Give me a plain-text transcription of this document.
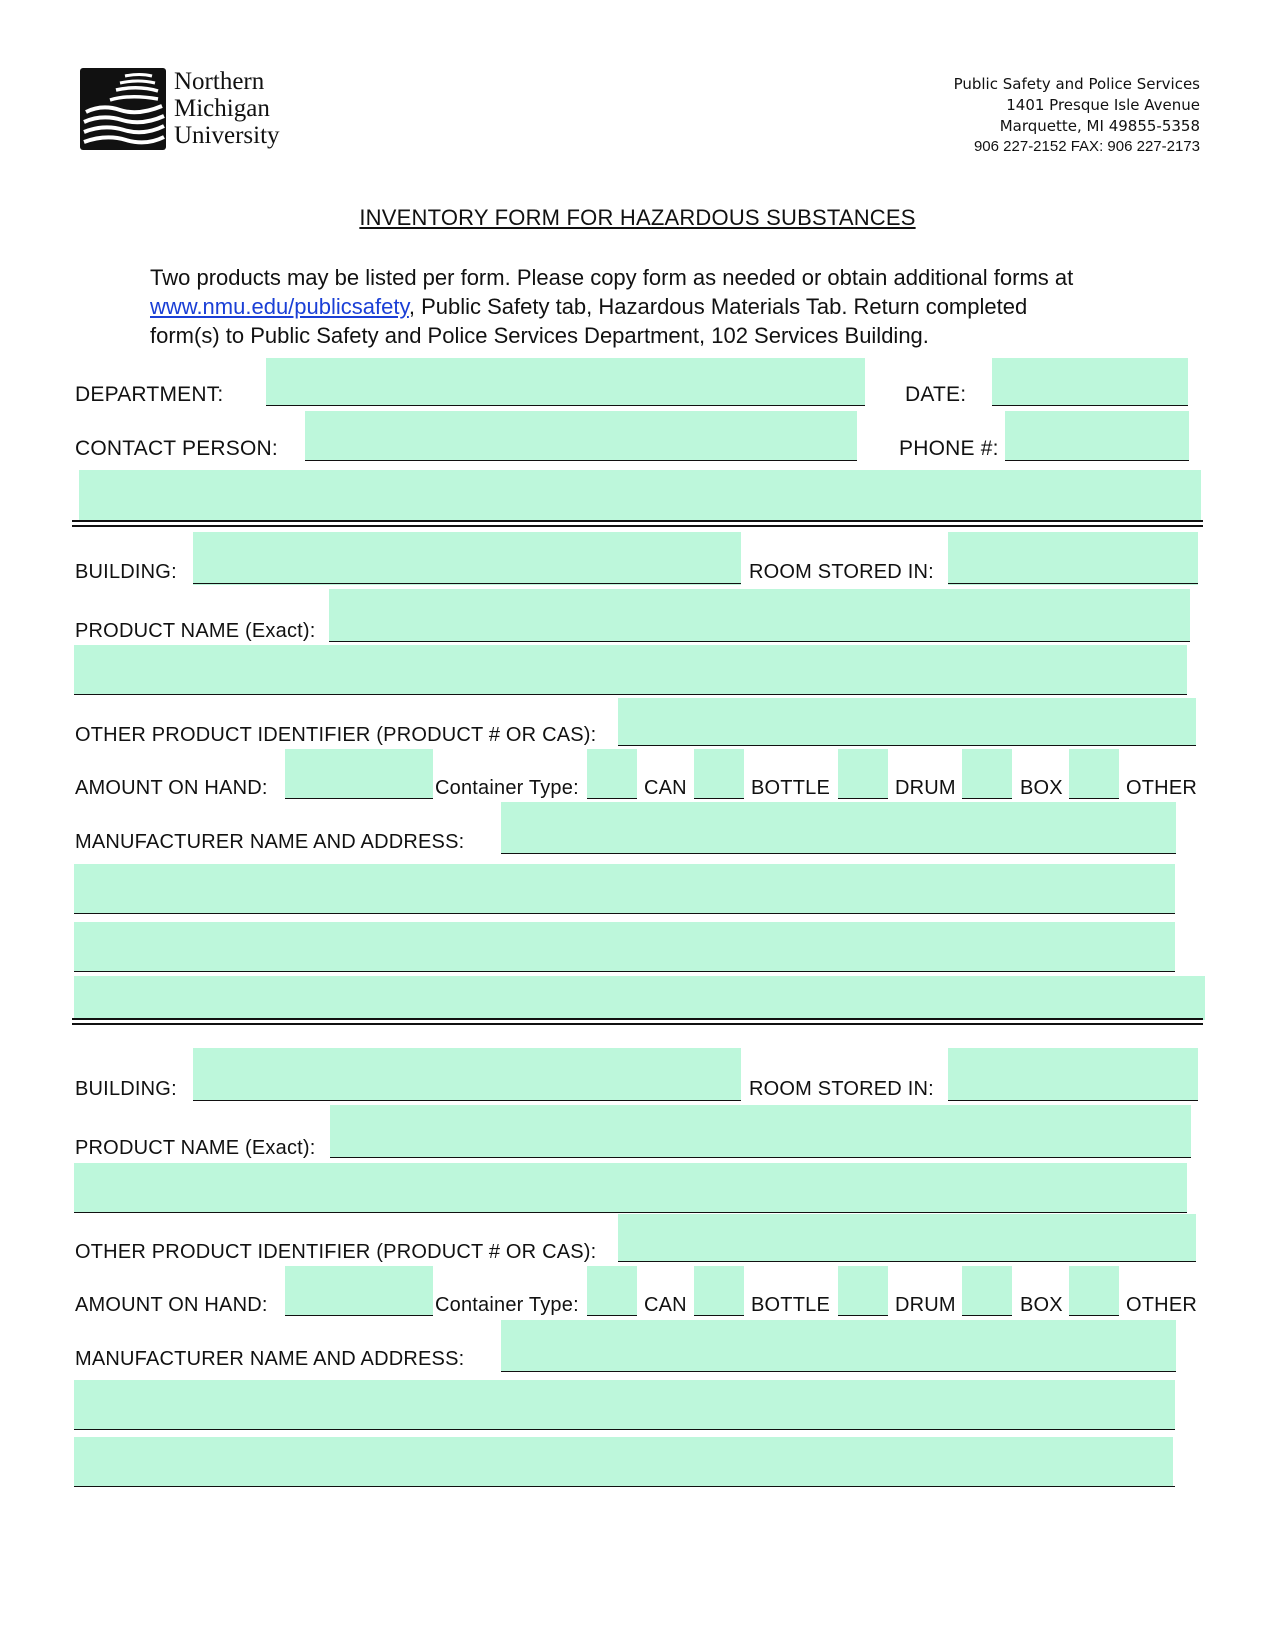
Northern
Michigan
University
Public Safety and Police Services
1401 Presque Isle Avenue
Marquette, MI 49855-5358
906 227-2152 FAX: 906 227-2173
INVENTORY FORM FOR HAZARDOUS SUBSTANCES
Two products may be listed per form. Please copy form as needed or obtain additional forms at
www.nmu.edu/publicsafety, Public Safety tab, Hazardous Materials Tab. Return completed
form(s) to Public Safety and Police Services Department, 102 Services Building.
DEPARTMENT:	DATE:
CONTACT PERSON:	PHONE #:
BUILDING:	ROOM STORED IN:
PRODUCT NAME (Exact):
OTHER PRODUCT IDENTIFIER (PRODUCT # OR CAS):
AMOUNT ON HAND:	Container Type:	CAN	BOTTLE	DRUM	BOX	OTHER
MANUFACTURER NAME AND ADDRESS:
BUILDING:	ROOM STORED IN:
PRODUCT NAME (Exact):
OTHER PRODUCT IDENTIFIER (PRODUCT # OR CAS):
AMOUNT ON HAND:	Container Type:	CAN	BOTTLE	DRUM	BOX	OTHER
MANUFACTURER NAME AND ADDRESS:
